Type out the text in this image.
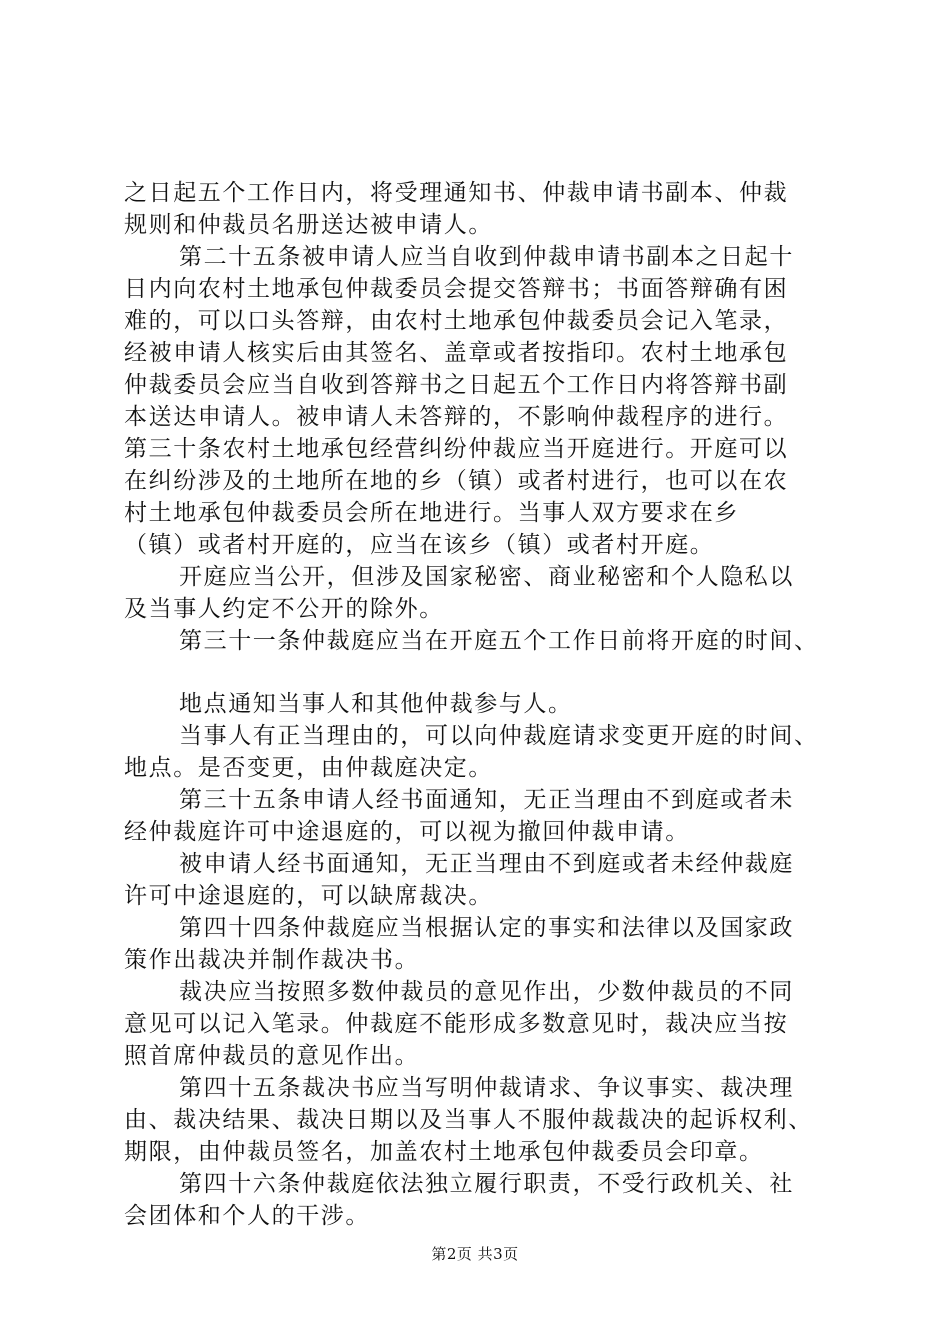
之日起五个工作日内，将受理通知书、仲裁申请书副本、仲裁
规则和仲裁员名册送达被申请人。
第二十五条被申请人应当自收到仲裁申请书副本之日起十
日内向农村土地承包仲裁委员会提交答辩书；书面答辩确有困
难的，可以口头答辩，由农村土地承包仲裁委员会记入笔录，
经被申请人核实后由其签名、盖章或者按指印。农村土地承包
仲裁委员会应当自收到答辩书之日起五个工作日内将答辩书副
本送达申请人。被申请人未答辩的，不影响仲裁程序的进行。
第三十条农村土地承包经营纠纷仲裁应当开庭进行。开庭可以
在纠纷涉及的土地所在地的乡（镇）或者村进行，也可以在农
村土地承包仲裁委员会所在地进行。当事人双方要求在乡
（镇）或者村开庭的，应当在该乡（镇）或者村开庭。
开庭应当公开，但涉及国家秘密、商业秘密和个人隐私以
及当事人约定不公开的除外。
第三十一条仲裁庭应当在开庭五个工作日前将开庭的时间、
地点通知当事人和其他仲裁参与人。
当事人有正当理由的，可以向仲裁庭请求变更开庭的时间、
地点。是否变更，由仲裁庭决定。
第三十五条申请人经书面通知，无正当理由不到庭或者未
经仲裁庭许可中途退庭的，可以视为撤回仲裁申请。
被申请人经书面通知，无正当理由不到庭或者未经仲裁庭
许可中途退庭的，可以缺席裁决。
第四十四条仲裁庭应当根据认定的事实和法律以及国家政
策作出裁决并制作裁决书。
裁决应当按照多数仲裁员的意见作出，少数仲裁员的不同
意见可以记入笔录。仲裁庭不能形成多数意见时，裁决应当按
照首席仲裁员的意见作出。
第四十五条裁决书应当写明仲裁请求、争议事实、裁决理
由、裁决结果、裁决日期以及当事人不服仲裁裁决的起诉权利、
期限，由仲裁员签名，加盖农村土地承包仲裁委员会印章。
第四十六条仲裁庭依法独立履行职责，不受行政机关、社
会团体和个人的干涉。
第2页 共3页
